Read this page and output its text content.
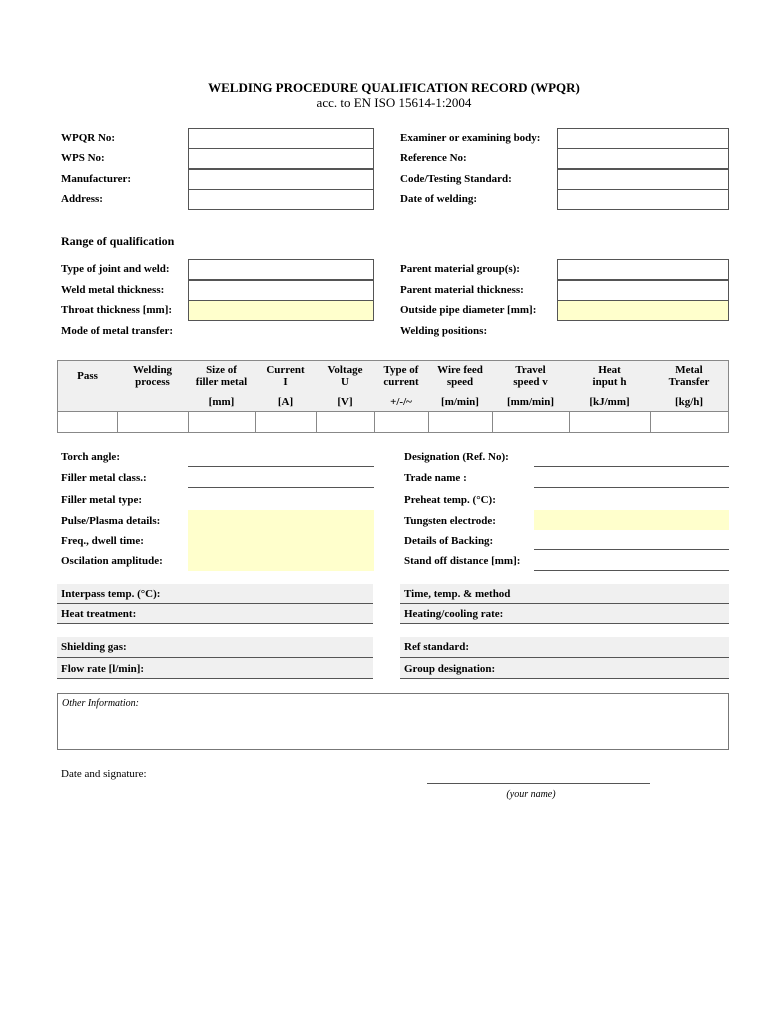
WELDING PROCEDURE QUALIFICATION RECORD (WPQR)
acc. to EN ISO 15614-1:2004
WPQR No:
WPS No:
Manufacturer:
Address:
Examiner or examining body:
Reference No:
Code/Testing Standard:
Date of welding:
Range of qualification
Type of joint and weld:
Weld metal thickness:
Throat thickness [mm]:
Mode of metal transfer:
Parent material group(s):
Parent material thickness:
Outside pipe diameter [mm]:
Welding positions:
Pass	Welding
process
Size of
filler metal
[mm]
Current
I
[A]
Voltage
U
[V]
Type of
current
+/-/~
Wire feed
speed
[m/min]
Travel
speed v
[mm/min]
Heat
input h
[kJ/mm]
Metal
Transfer
[kg/h]
Torch angle:
Filler metal class.:
Filler metal type:
Pulse/Plasma details:
Freq., dwell time:
Oscilation amplitude:
Designation (Ref. No):
Trade name :
Preheat temp. (°C):
Tungsten electrode:
Details of Backing:
Stand off distance [mm]:
Interpass temp. (°C):
Heat treatment:
Time, temp. & method
Heating/cooling rate:
Shielding gas:
Flow rate [l/min]:
Ref standard:
Group designation:
Other Information:
Date and signature:
(your name)
